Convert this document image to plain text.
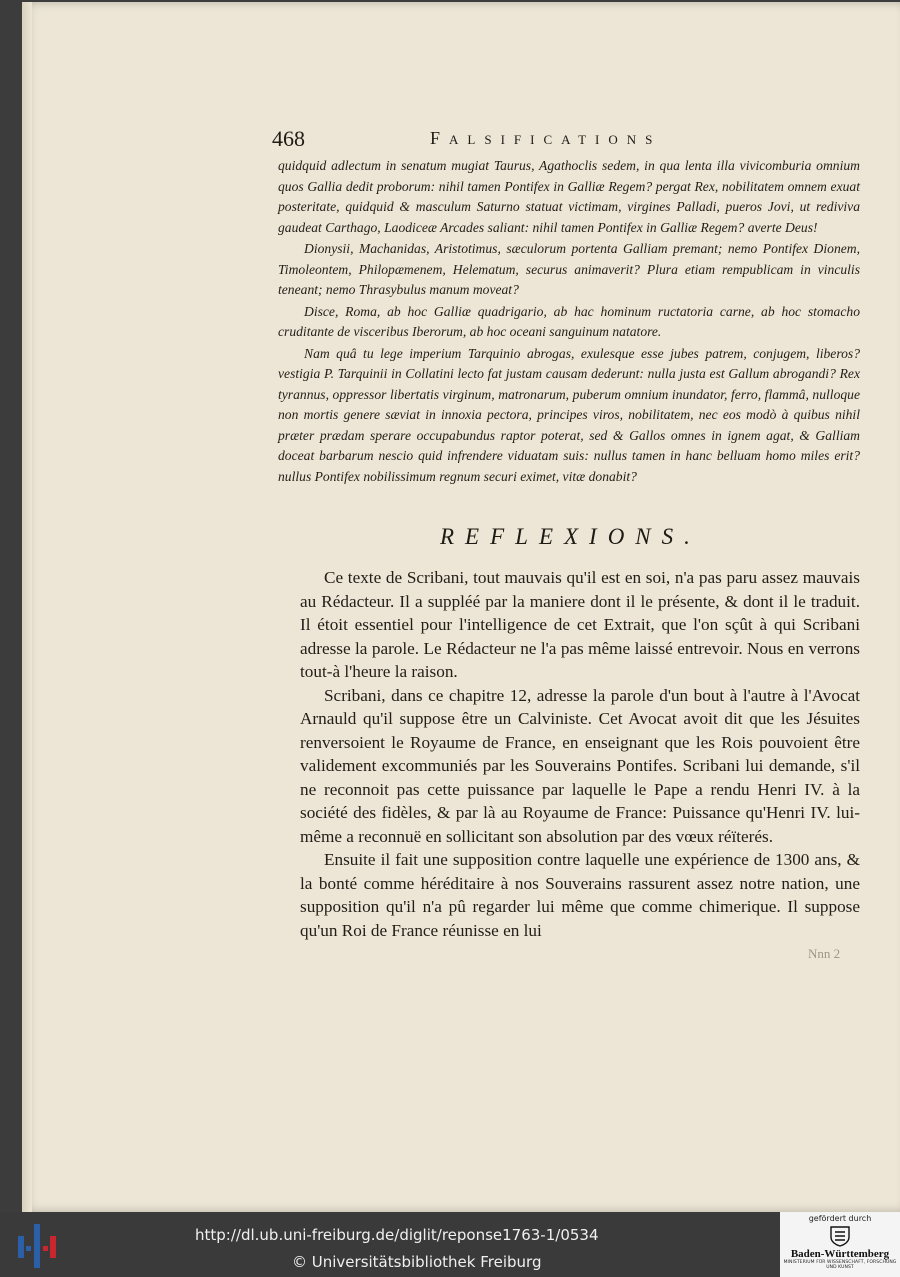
468	Falsifications

quidquid adlectum in senatum mugiat Taurus, Agathoclis sedem, in qua lenta illa vivicomburia omnium quos Gallia dedit proborum: nihil tamen Pontifex in Galliæ Regem? pergat Rex, nobilitatem omnem exuat posteritate, quidquid & masculum Saturno statuat victimam, virgines Palladi, pueros Jovi, ut rediviva gaudeat Carthago, Laodiceæ Arcades saliant: nihil tamen Pontifex in Galliæ Regem? averte Deus!

Dionysii, Machanidas, Aristotimus, sæculorum portenta Galliam premant; nemo Pontifex Dionem, Timoleontem, Philopæmenem, Helematum, securus animaverit? Plura etiam rempublicam in vinculis teneant; nemo Thrasybulus manum moveat?

Disce, Roma, ab hoc Galliæ quadrigario, ab hac hominum ructatoria carne, ab hoc stomacho cruditante de visceribus Iberorum, ab hoc oceani sanguinum natatore.

Nam quâ tu lege imperium Tarquinio abrogas, exulesque esse jubes patrem, conjugem, liberos? vestigia P. Tarquinii in Collatini lecto fat justam causam dederunt: nulla justa est Gallum abrogandi? Rex tyrannus, oppressor libertatis virginum, matronarum, puberum omnium inundator, ferro, flammâ, nulloque non mortis genere sæviat in innoxia pectora, principes viros, nobilitatem, nec eos modò à quibus nihil præter prædam sperare occupabundus raptor poterat, sed & Gallos omnes in ignem agat, & Galliam doceat barbarum nescio quid infrendere viduatam suis: nullus tamen in hanc belluam homo miles erit? nullus Pontifex nobilissimum regnum securi eximet, vitæ donabit?

REFLEXIONS.

Ce texte de Scribani, tout mauvais qu'il est en soi, n'a pas paru assez mauvais au Rédacteur. Il a suppléé par la maniere dont il le présente, & dont il le traduit. Il étoit essentiel pour l'intelligence de cet Extrait, que l'on sçût à qui Scribani adresse la parole. Le Rédacteur ne l'a pas même laissé entrevoir. Nous en verrons tout-à l'heure la raison.

Scribani, dans ce chapitre 12, adresse la parole d'un bout à l'autre à l'Avocat Arnauld qu'il suppose être un Calviniste. Cet Avocat avoit dit que les Jésuites renversoient le Royaume de France, en enseignant que les Rois pouvoient être validement excommuniés par les Souverains Pontifes. Scribani lui demande, s'il ne reconnoit pas cette puissance par laquelle le Pape a rendu Henri IV. à la société des fidèles, & par là au Royaume de France: Puissance qu'Henri IV. lui-même a reconnuë en sollicitant son absolution par des vœux réïterés.

Ensuite il fait une supposition contre laquelle une expérience de 1300 ans, & la bonté comme héréditaire à nos Souverains rassurent assez notre nation, une supposition qu'il n'a pû regarder lui même que comme chimerique. Il suppose qu'un Roi de France réunisse en lui

Nnn 2
http://dl.ub.uni-freiburg.de/diglit/reponse1763-1/0534
© Universitätsbibliothek Freiburg
gefördert durch
Baden-Württemberg
MINISTERIUM FÜR WISSENSCHAFT, FORSCHUNG UND KUNST
